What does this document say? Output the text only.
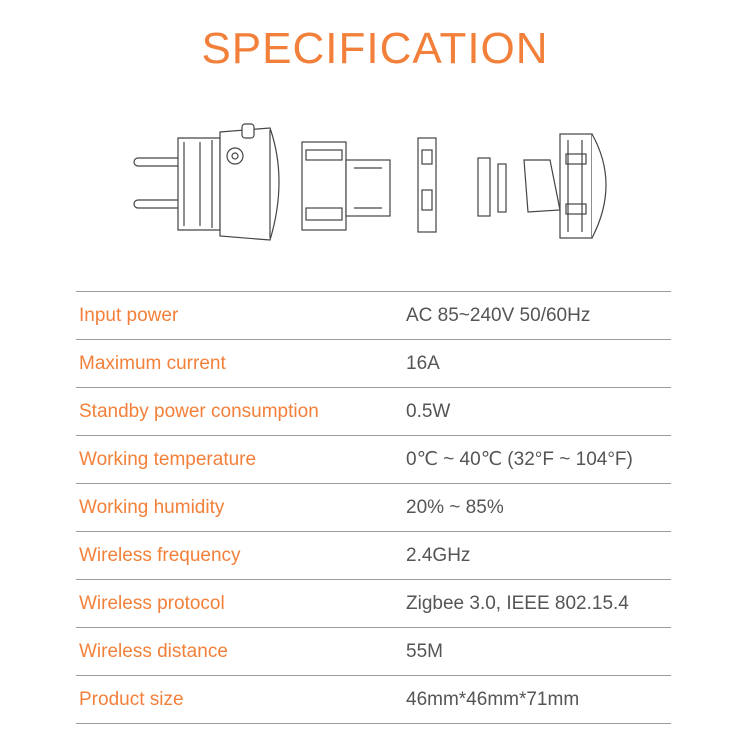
SPECIFICATION
Input power	AC 85~240V 50/60Hz
Maximum current	16A
Standby power consumption	0.5W
Working temperature	0℃ ~ 40℃ (32°F ~ 104°F)
Working humidity	20% ~ 85%
Wireless frequency	2.4GHz
Wireless protocol	Zigbee 3.0, IEEE 802.15.4
Wireless distance	55M
Product size	46mm*46mm*71mm
